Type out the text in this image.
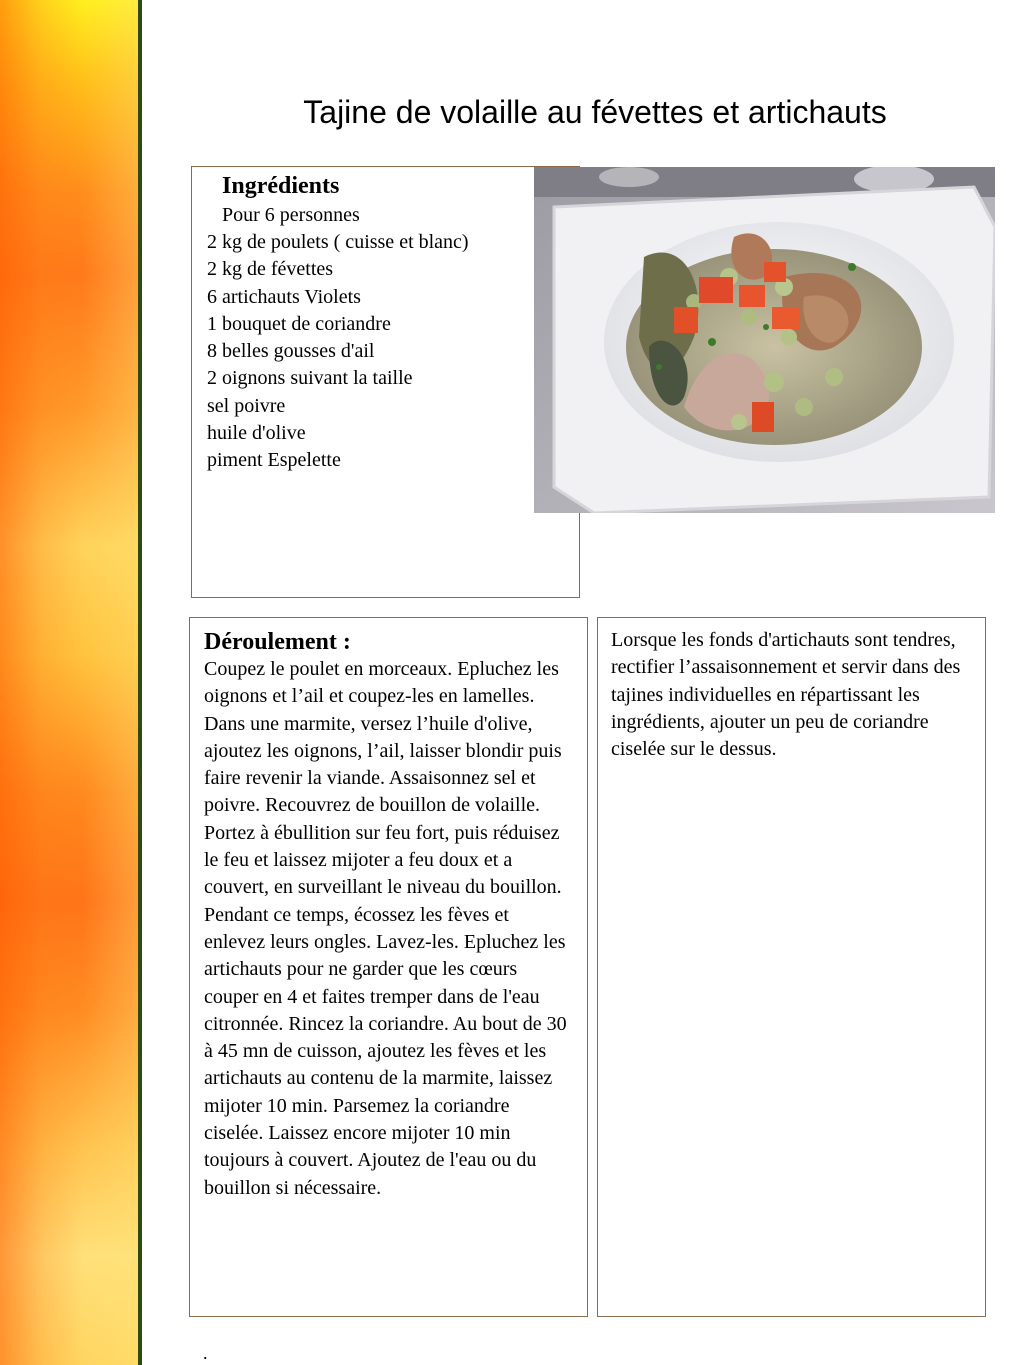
Tajine de volaille au févettes et artichauts

Ingrédients

Pour 6 personnes

2 kg de poulets ( cuisse et blanc)
2 kg de févettes
6 artichauts Violets
1 bouquet de coriandre
8 belles gousses d'ail
2 oignons suivant la taille
sel poivre
huile d'olive
piment Espelette

Déroulement :

Coupez le poulet en morceaux. Epluchez les oignons et l’ail et coupez-les en lamelles. Dans une marmite, versez l’huile d'olive, ajoutez les oignons, l’ail, laisser blondir puis faire revenir la viande. Assaisonnez sel et poivre. Recouvrez de bouillon de volaille. Portez à ébullition sur feu fort, puis réduisez le feu et laissez mijoter a feu doux et a couvert, en surveillant le niveau du bouillon. Pendant ce temps, écossez les fèves et enlevez leurs ongles. Lavez-les. Epluchez les artichauts pour ne garder que les cœurs couper en 4 et faites tremper dans de l'eau citronnée. Rincez la coriandre. Au bout de 30 à 45 mn de cuisson, ajoutez les fèves et les artichauts au contenu de la marmite, laissez mijoter 10 min. Parsemez la coriandre ciselée. Laissez encore mijoter 10 min toujours à couvert. Ajoutez de l'eau ou du bouillon si nécessaire.

Lorsque les fonds d'artichauts sont tendres, rectifier l’assaisonnement et servir dans des tajines individuelles en répartissant les ingrédients, ajouter un peu de coriandre ciselée sur le dessus.

.
